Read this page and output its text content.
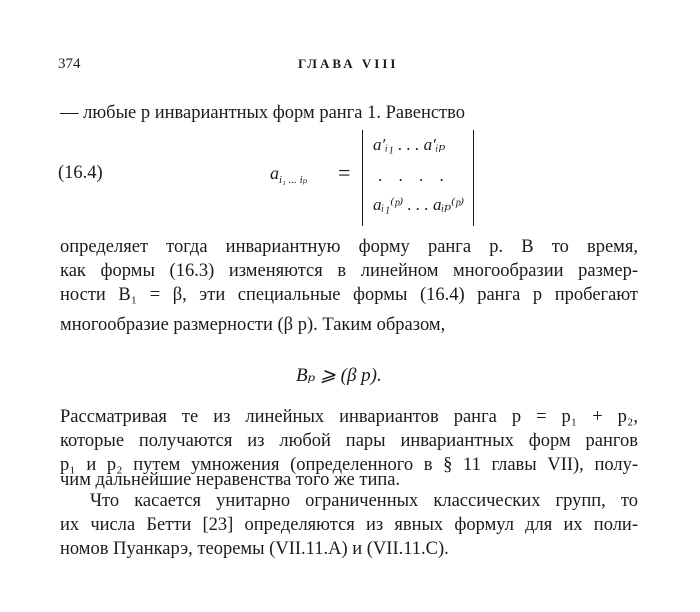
374	ГЛАВА VIII
— любые p инвариантных форм ранга 1. Равенство
(16.4)	$a_{i_1 ... i_p}$ =
a′ᵢ₁ . . . a′ᵢₚ
. . . .
aᵢ₁⁽ᵖ⁾ . . . aᵢₚ⁽ᵖ⁾
определяет тогда инвариантную форму ранга p. В то время,
как формы (16.3) изменяются в линейном многообразии размер-
ности B₁ = β, эти специальные формы (16.4) ранга p пробегают
многообразие размерности (β p). Таким образом,
Bₚ ⩾ (β p).
Рассматривая те из линейных инвариантов ранга p = p₁ + p₂,
которые получаются из любой пары инвариантных форм рангов
p₁ и p₂ путем умножения (определенного в § 11 главы VII), полу-
чим дальнейшие неравенства того же типа.
Что касается унитарно ограниченных классических групп, то
их числа Бетти [23] определяются из явных формул для их поли-
номов Пуанкарэ, теоремы (VII.11.A) и (VII.11.C).
